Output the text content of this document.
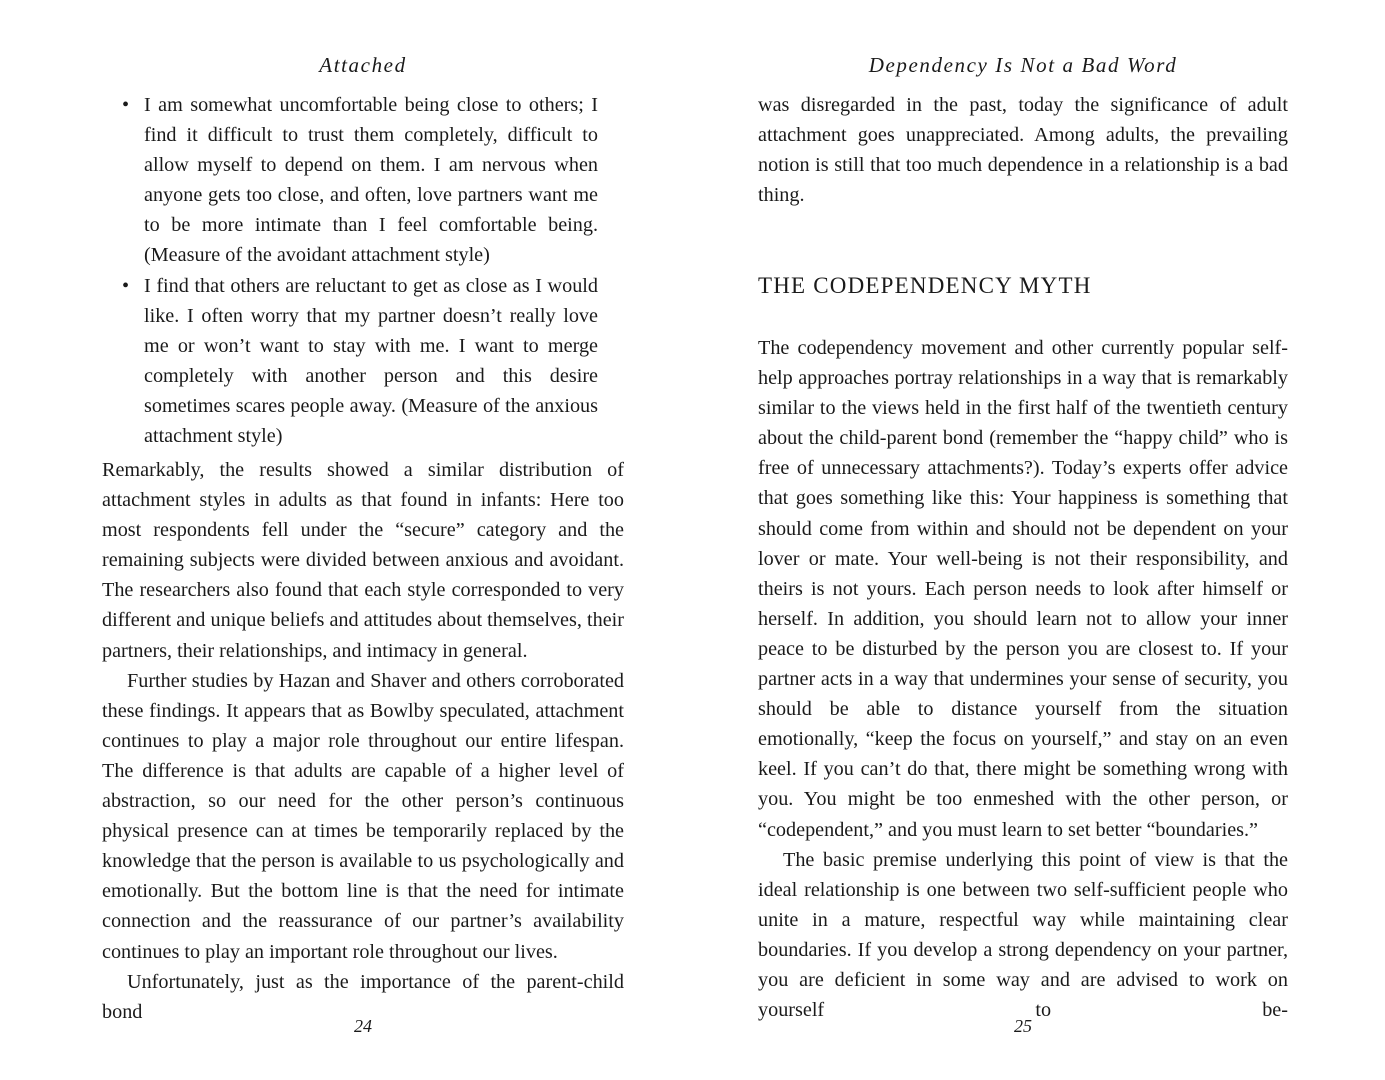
Attached
• I am somewhat uncomfortable being close to others; I find it difficult to trust them completely, difficult to allow myself to depend on them. I am nervous when anyone gets too close, and often, love partners want me to be more intimate than I feel comfortable being. (Measure of the avoidant attachment style)

• I find that others are reluctant to get as close as I would like. I often worry that my partner doesn’t really love me or won’t want to stay with me. I want to merge completely with another person and this desire sometimes scares people away. (Measure of the anxious attachment style)

Remarkably, the results showed a similar distribution of attachment styles in adults as that found in infants: Here too most respondents fell under the “secure” category and the remaining subjects were divided between anxious and avoidant. The researchers also found that each style corresponded to very different and unique beliefs and attitudes about themselves, their partners, their relationships, and intimacy in general.

Further studies by Hazan and Shaver and others corroborated these findings. It appears that as Bowlby speculated, attachment continues to play a major role throughout our entire lifespan. The difference is that adults are capable of a higher level of abstraction, so our need for the other person’s continuous physical presence can at times be temporarily replaced by the knowledge that the person is available to us psychologically and emotionally. But the bottom line is that the need for intimate connection and the reassurance of our partner’s availability continues to play an important role throughout our lives.

Unfortunately, just as the importance of the parent-child bond

24
Dependency Is Not a Bad Word

was disregarded in the past, today the significance of adult attachment goes unappreciated. Among adults, the prevailing notion is still that too much dependence in a relationship is a bad thing.

THE CODEPENDENCY MYTH

The codependency movement and other currently popular self-help approaches portray relationships in a way that is remarkably similar to the views held in the first half of the twentieth century about the child-parent bond (remember the “happy child” who is free of unnecessary attachments?). Today’s experts offer advice that goes something like this: Your happiness is something that should come from within and should not be dependent on your lover or mate. Your well-being is not their responsibility, and theirs is not yours. Each person needs to look after himself or herself. In addition, you should learn not to allow your inner peace to be disturbed by the person you are closest to. If your partner acts in a way that undermines your sense of security, you should be able to distance yourself from the situation emotionally, “keep the focus on yourself,” and stay on an even keel. If you can’t do that, there might be something wrong with you. You might be too enmeshed with the other person, or “codependent,” and you must learn to set better “boundaries.”

The basic premise underlying this point of view is that the ideal relationship is one between two self-sufficient people who unite in a mature, respectful way while maintaining clear boundaries. If you develop a strong dependency on your partner, you are deficient in some way and are advised to work on yourself to be-

25
